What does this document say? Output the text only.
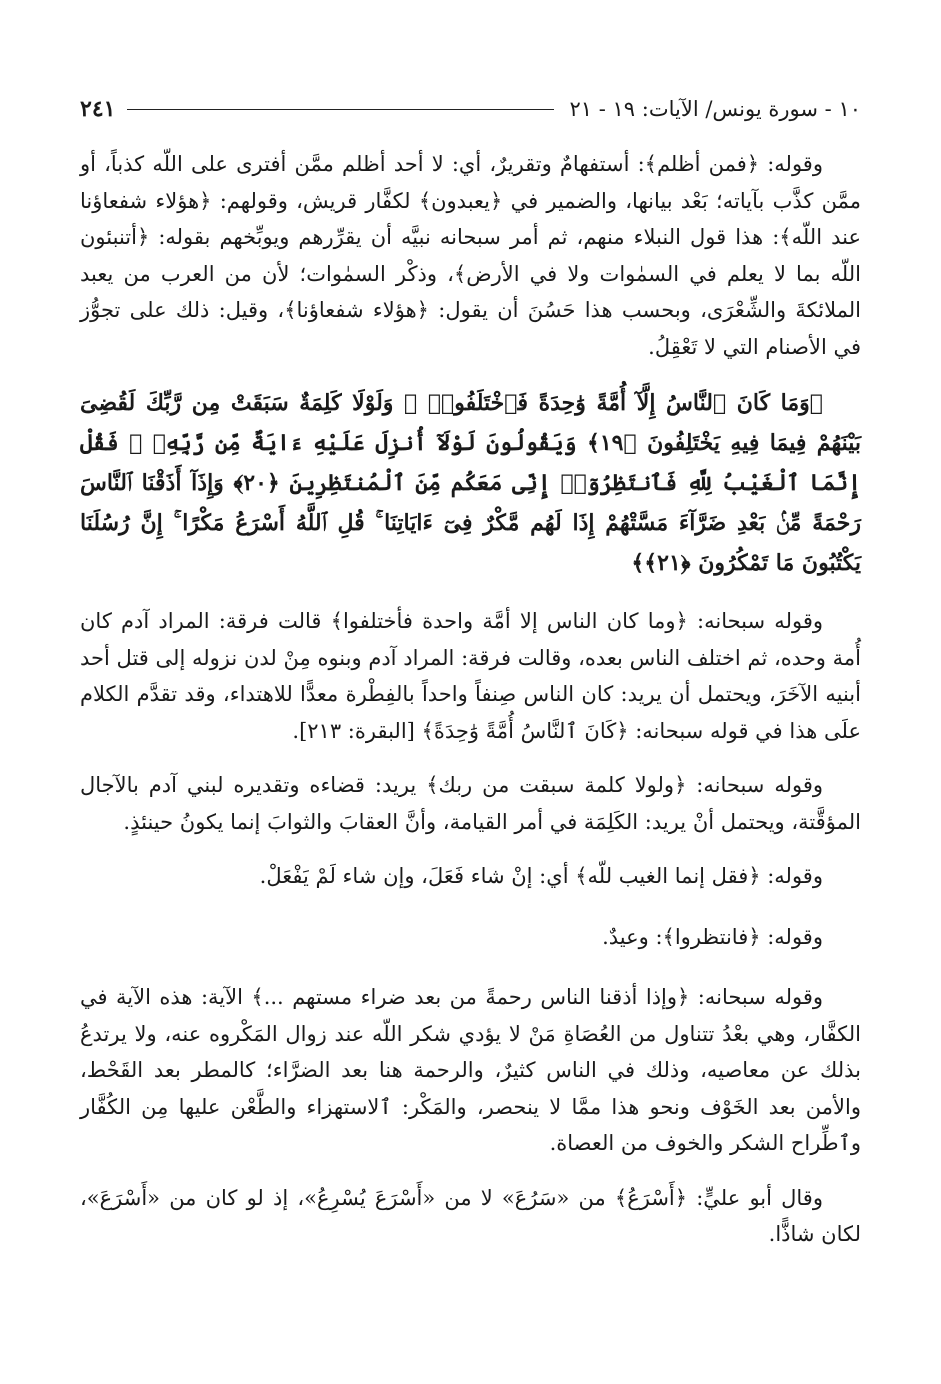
١٠ - سورة يونس/ الآيات: ١٩ - ٢١
٢٤١

وقوله: ﴿فمن أظلم﴾: أستفهامٌ وتقريرٌ، أي: لا أحد أظلم ممَّن أفترى على اللّه كذباً، أو ممَّن كذَّب بآياته؛ بَعْد بيانها، والضمير في ﴿يعبدون﴾ لكفَّار قريش، وقولهم: ﴿هؤلاء شفعاؤنا عند اللّه﴾: هذا قول النبلاء منهم، ثم أمر سبحانه نبيَّه أن يقرِّرهم ويوبِّخهم بقوله: ﴿أتنبئون اللّه بما لا يعلم في السمٰوات ولا في الأرض﴾، وذكْر السمٰوات؛ لأن من العرب من يعبد الملائكةَ والشِّعْرَى، وبحسب هذا حَسُنَ أن يقول: ﴿هؤلاء شفعاؤنا﴾، وقيل: ذلك على تجوُّز في الأصنام التي لا تَعْقِلُ.

﴿وَمَا كَانَ ٱلنَّاسُ إِلَّآ أُمَّةً وَٰحِدَةً فَٱخْتَلَفُوا۟ ۚ وَلَوْلَا كَلِمَةٌ سَبَقَتْ مِن رَّبِّكَ لَقُضِىَ بَيْنَهُمْ فِيمَا فِيهِ يَخْتَلِفُونَ ﴿١٩﴾ وَيَقُولُونَ لَوْلَآ أُنزِلَ عَلَيْهِ ءَايَةٌ مِّن رَّبِّهِۦ ۖ فَقُلْ إِنَّمَا ٱلْغَيْبُ لِلَّهِ فَٱنتَظِرُوٓا۟ إِنِّى مَعَكُم مِّنَ ٱلْمُنتَظِرِينَ ﴿٢٠﴾ وَإِذَآ أَذَقْنَا ٱلنَّاسَ رَحْمَةً مِّنۢ بَعْدِ ضَرَّآءَ مَسَّتْهُمْ إِذَا لَهُم مَّكْرٌ فِىٓ ءَايَاتِنَا ۚ قُلِ ٱللَّهُ أَسْرَعُ مَكْرًا ۚ إِنَّ رُسُلَنَا يَكْتُبُونَ مَا تَمْكُرُونَ ﴿٢١﴾﴾

وقوله سبحانه: ﴿وما كان الناس إلا أمَّة واحدة فأختلفوا﴾ قالت فرقة: المراد آدم كان أُمة وحده، ثم اختلف الناس بعده، وقالت فرقة: المراد آدم وبنوه مِنْ لدن نزوله إلى قتل أحد أبنيه الآخَرَ، ويحتمل أن يريد: كان الناس صِنفاً واحداً بالفِطْرة معدًّا للاهتداء، وقد تقدَّم الكلام علَى هذا في قوله سبحانه: ﴿كَانَ ٱلنَّاسُ أُمَّةً وَٰحِدَةً﴾ [البقرة: ٢١٣].

وقوله سبحانه: ﴿ولولا كلمة سبقت من ربك﴾ يريد: قضاءه وتقديره لبني آدم بالآجال المؤقَّتة، ويحتمل أنْ يريد: الكَلِمَة في أمر القيامة، وأنَّ العقابَ والثوابَ إنما يكونُ حينئذٍ.

وقوله: ﴿فقل إنما الغيب للّه﴾ أي: إنْ شاء فَعَلَ، وإن شاء لَمْ يَفْعَلْ.

وقوله: ﴿فانتظروا﴾: وعيدٌ.

وقوله سبحانه: ﴿وإذا أذقنا الناس رحمةً من بعد ضراء مستهم ...﴾ الآية: هذه الآية في الكفَّار، وهي بعْدُ تتناول من العُصَاةِ مَنْ لا يؤدي شكر اللّه عند زوال المَكْروه عنه، ولا يرتدعُ بذلك عن معاصيه، وذلك في الناس كثيرٌ، والرحمة هنا بعد الضرَّاء؛ كالمطر بعد القَحْط، والأمن بعد الخَوْف ونحو هذا ممَّا لا ينحصر، والمَكْر: ٱلاستهزاء والطَّعْن عليها مِن الكُفَّار وٱطِّراح الشكر والخوف من العصاة.

وقال أبو عليٍّ: ﴿أَسْرَعُ﴾ من «سَرُعَ» لا من «أَسْرَعَ يُسْرِعُ»، إذ لو كان من «أَسْرَعَ»، لكان شاذًّا.
